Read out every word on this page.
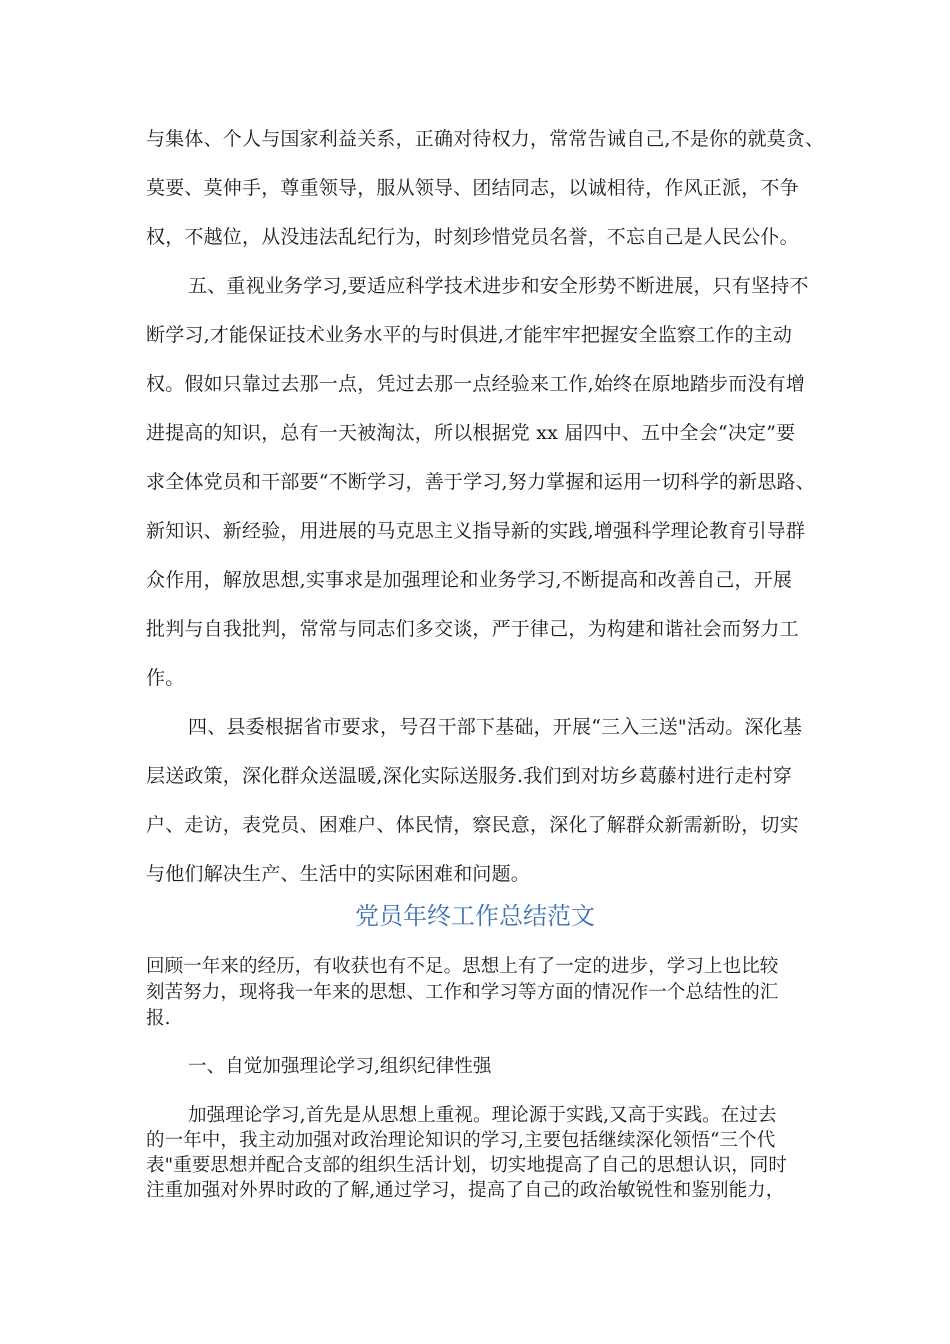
与集体、个人与国家利益关系，正确对待权力，常常告诫自己,不是你的就莫贪、
莫要、莫伸手，尊重领导，服从领导、团结同志，以诚相待，作风正派，不争
权，不越位，从没违法乱纪行为，时刻珍惜党员名誉，不忘自己是人民公仆。
五、重视业务学习,要适应科学技术进步和安全形势不断进展，只有坚持不
断学习,才能保证技术业务水平的与时俱进,才能牢牢把握安全监察工作的主动
权。假如只靠过去那一点，凭过去那一点经验来工作,始终在原地踏步而没有增
进提高的知识，总有一天被淘汰，所以根据党 xx 届四中、五中全会“决定”要
求全体党员和干部要“不断学习，善于学习,努力掌握和运用一切科学的新思路、
新知识、新经验，用进展的马克思主义指导新的实践,增强科学理论教育引导群
众作用，解放思想,实事求是加强理论和业务学习,不断提高和改善自己，开展
批判与自我批判，常常与同志们多交谈，严于律己，为构建和谐社会而努力工
作。
四、县委根据省市要求，号召干部下基础，开展“三入三送"活动。深化基
层送政策，深化群众送温暖,深化实际送服务.我们到对坊乡葛藤村进行走村穿
户、走访，表党员、困难户、体民情，察民意，深化了解群众新需新盼，切实
与他们解决生产、生活中的实际困难和问题。
党员年终工作总结范文
回顾一年来的经历，有收获也有不足。思想上有了一定的进步，学习上也比较
刻苦努力，现将我一年来的思想、工作和学习等方面的情况作一个总结性的汇
报.
一、自觉加强理论学习,组织纪律性强
加强理论学习,首先是从思想上重视。理论源于实践,又高于实践。在过去
的一年中，我主动加强对政治理论知识的学习,主要包括继续深化领悟“三个代
表"重要思想并配合支部的组织生活计划，切实地提高了自己的思想认识，同时
注重加强对外界时政的了解,通过学习，提高了自己的政治敏锐性和鉴别能力，
